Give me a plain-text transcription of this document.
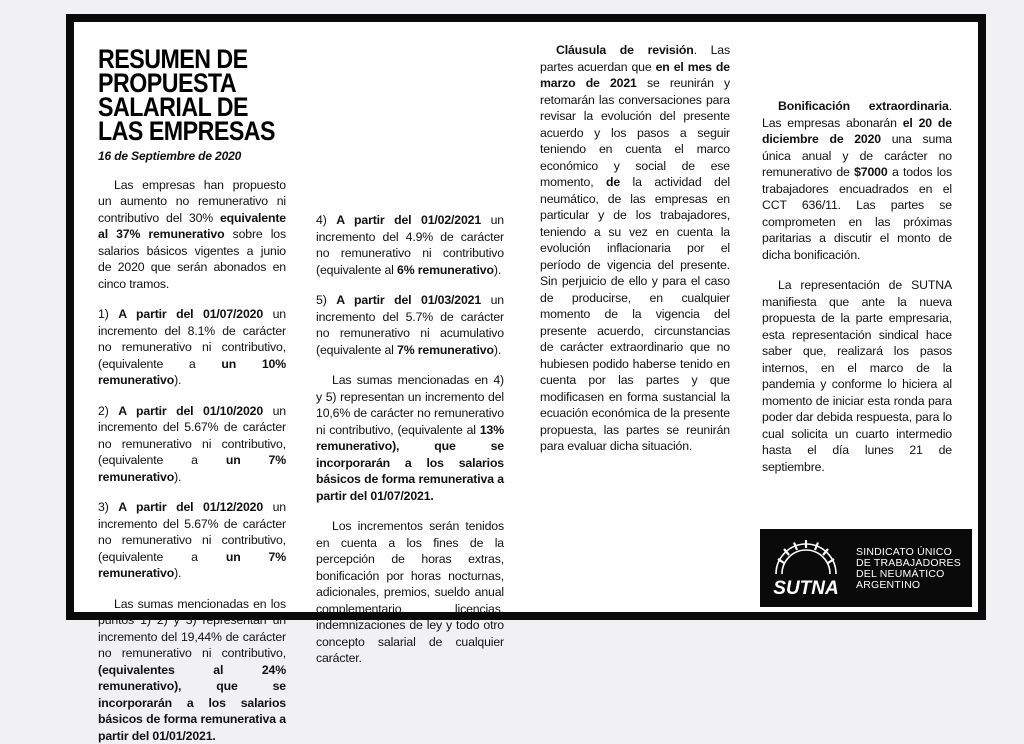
RESUMEN DE
PROPUESTA
SALARIAL DE
LAS EMPRESAS
16 de Septiembre de 2020

Las empresas han propuesto un aumento no remunerativo ni contributivo del 30% equivalente al 37% remunerativo sobre los salarios básicos vigentes a junio de 2020 que serán abonados en cinco tramos.

1) A partir del 01/07/2020 un incremento del 8.1% de carácter no remunerativo ni contributivo, (equivalente a un 10% remunerativo).

2) A partir del 01/10/2020 un incremento del 5.67% de carácter no remunerativo ni contributivo, (equivalente a un 7% remunerativo).

3) A partir del 01/12/2020 un incremento del 5.67% de carácter no remunerativo ni contributivo, (equivalente a un 7% remunerativo).

Las sumas mencionadas en los puntos 1) 2) y 3) representan un incremento del 19,44% de carácter no remunerativo ni contributivo, (equivalentes al 24% remunerativo), que se incorporarán a los salarios básicos de forma remunerativa a partir del 01/01/2021.

4) A partir del 01/02/2021 un incremento del 4.9% de carácter no remunerativo ni contributivo (equivalente al 6% remunerativo).

5) A partir del 01/03/2021 un incremento del 5.7% de carácter no remunerativo ni acumulativo (equivalente al 7% remunerativo).

Las sumas mencionadas en 4) y 5) representan un incremento del 10,6% de carácter no remunerativo ni contributivo, (equivalente al 13% remunerativo), que se incorporarán a los salarios básicos de forma remunerativa a partir del 01/07/2021.

Los incrementos serán tenidos en cuenta a los fines de la percepción de horas extras, bonificación por horas nocturnas, adicionales, premios, sueldo anual complementario, licencias, indemnizaciones de ley y todo otro concepto salarial de cualquier carácter.

Cláusula de revisión. Las partes acuerdan que en el mes de marzo de 2021 se reunirán y retomarán las conversaciones para revisar la evolución del presente acuerdo y los pasos a seguir teniendo en cuenta el marco económico y social de ese momento, de la actividad del neumático, de las empresas en particular y de los trabajadores, teniendo a su vez en cuenta la evolución inflacionaria por el período de vigencia del presente. Sin perjuicio de ello y para el caso de producirse, en cualquier momento de la vigencia del presente acuerdo, circunstancias de carácter extraordinario que no hubiesen podido haberse tenido en cuenta por las partes y que modificasen en forma sustancial la ecuación económica de la presente propuesta, las partes se reunirán para evaluar dicha situación.

Bonificación extraordinaria. Las empresas abonarán el 20 de diciembre de 2020 una suma única anual y de carácter no remunerativo de $7000 a todos los trabajadores encuadrados en el CCT 636/11. Las partes se comprometen en las próximas paritarias a discutir el monto de dicha bonificación.

La representación de SUTNA manifiesta que ante la nueva propuesta de la parte empresaria, esta representación sindical hace saber que, realizará los pasos internos, en el marco de la pandemia y conforme lo hiciera al momento de iniciar esta ronda para poder dar debida respuesta, para lo cual solicita un cuarto intermedio hasta el día lunes 21 de septiembre.

SUTNA
SINDICATO ÚNICO
DE TRABAJADORES
DEL NEUMÁTICO
ARGENTINO
